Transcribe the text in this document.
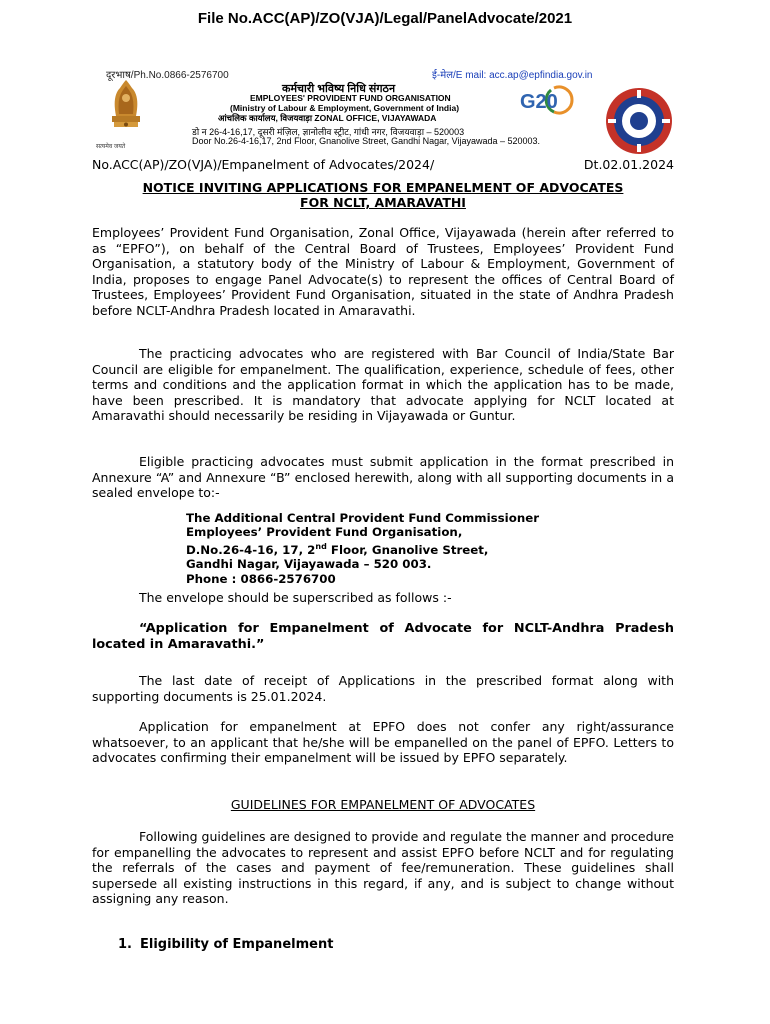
File No.ACC(AP)/ZO(VJA)/Legal/PanelAdvocate/2021
सत्यमेव जयते
दूरभाष/Ph.No.0866-2576700	ई-मेल/E mail: acc.ap@epfindia.gov.in
कर्मचारी भविष्य निधि संगठन
EMPLOYEES' PROVIDENT FUND ORGANISATION
(Ministry of Labour & Employment, Government of India)
आंचलिक कार्यालय, विजयवाड़ा ZONAL OFFICE, VIJAYAWADA
डो न 26-4-16,17, दूसरी मंज़िल, ज्ञानोलीव स्ट्रीट, गांधी नगर, विजयवाड़ा – 520003
Door No.26-4-16,17, 2nd Floor, Gnanolive Street, Gandhi Nagar, Vijayawada – 520003.
G20
No.ACC(AP)/ZO(VJA)/Empanelment of Advocates/2024/	Dt.02.01.2024
NOTICE INVITING APPLICATIONS FOR EMPANELMENT OF ADVOCATES
FOR NCLT, AMARAVATHI

Employees’ Provident Fund Organisation, Zonal Office, Vijayawada (herein after referred to as “EPFO”), on behalf of the Central Board of Trustees, Employees’ Provident Fund Organisation, a statutory body of the Ministry of Labour & Employment, Government of India, proposes to engage Panel Advocate(s) to represent the offices of Central Board of Trustees, Employees’ Provident Fund Organisation, situated in the state of Andhra Pradesh before NCLT-Andhra Pradesh located in Amaravathi.

The practicing advocates who are registered with Bar Council of India/State Bar Council are eligible for empanelment. The qualification, experience, schedule of fees, other terms and conditions and the application format in which the application has to be made, have been prescribed. It is mandatory that advocate applying for NCLT located at Amaravathi should necessarily be residing in Vijayawada or Guntur.

Eligible practicing advocates must submit application in the format prescribed in Annexure “A” and Annexure “B” enclosed herewith, along with all supporting documents in a sealed envelope to:-

The Additional Central Provident Fund Commissioner
Employees’ Provident Fund Organisation,
D.No.26-4-16, 17, 2nd Floor, Gnanolive Street,
Gandhi Nagar, Vijayawada – 520 003.
Phone : 0866-2576700

The envelope should be superscribed as follows :-

“Application for Empanelment of Advocate for NCLT-Andhra Pradesh located in Amaravathi.”

The last date of receipt of Applications in the prescribed format along with supporting documents is 25.01.2024.

Application for empanelment at EPFO does not confer any right/assurance whatsoever, to an applicant that he/she will be empanelled on the panel of EPFO. Letters to advocates confirming their empanelment will be issued by EPFO separately.

GUIDELINES FOR EMPANELMENT OF ADVOCATES

Following guidelines are designed to provide and regulate the manner and procedure for empanelling the advocates to represent and assist EPFO before NCLT and for regulating the referrals of the cases and payment of fee/remuneration. These guidelines shall supersede all existing instructions in this regard, if any, and is subject to change without assigning any reason.

1. Eligibility of Empanelment
